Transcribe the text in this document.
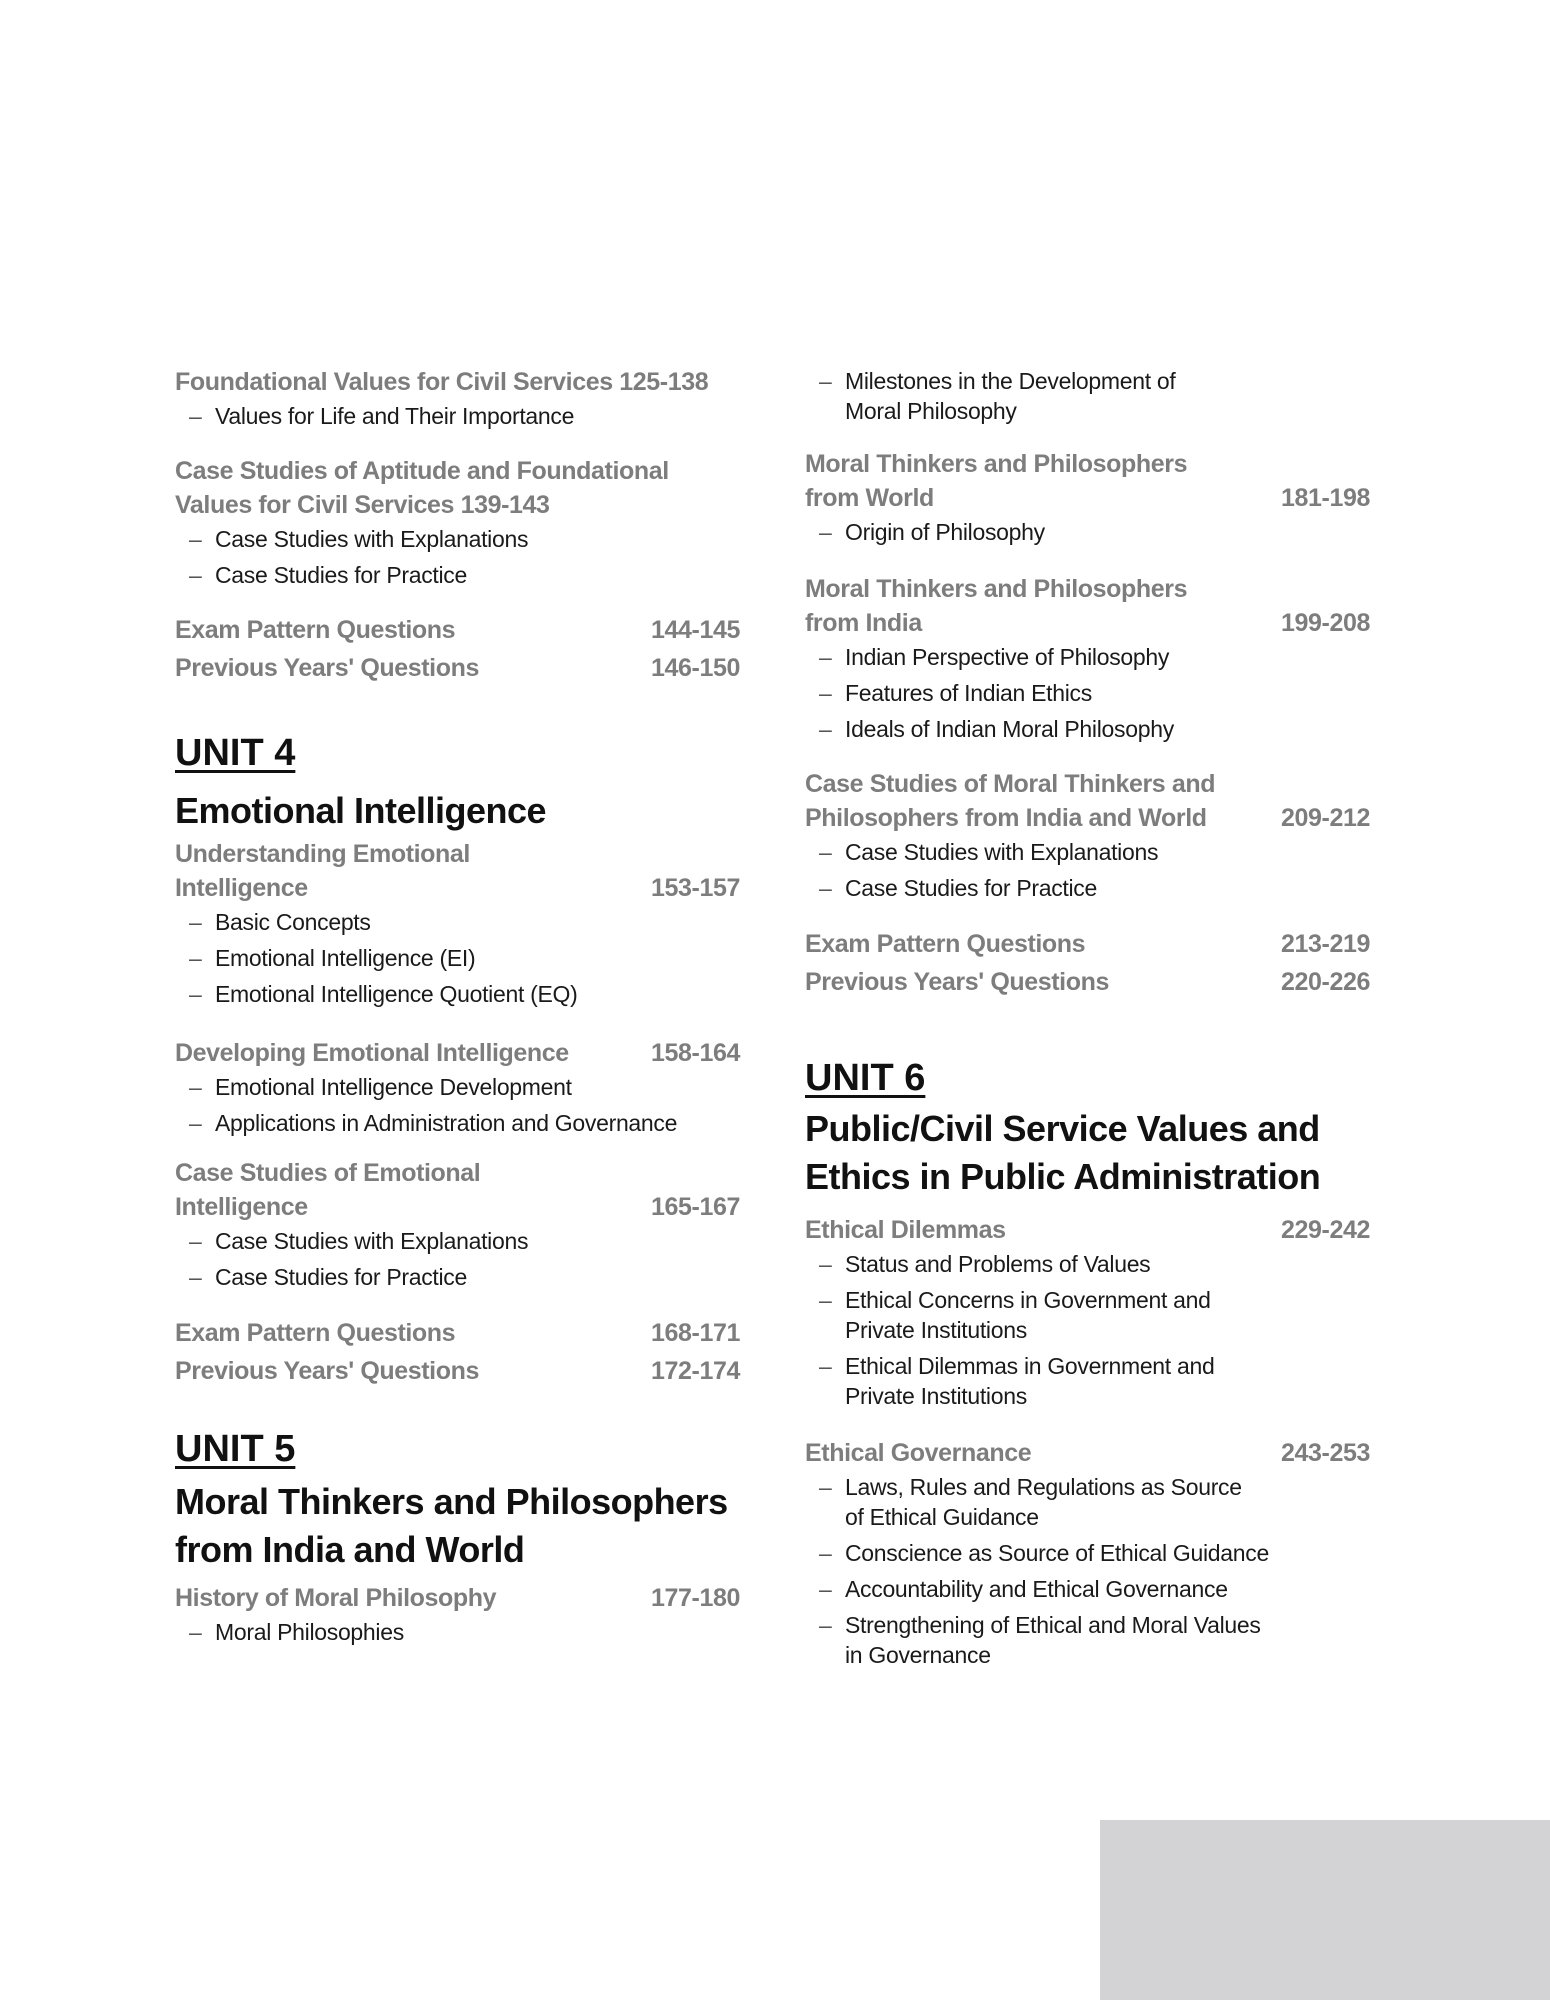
Foundational Values for Civil Services 125-138
– Values for Life and Their Importance
Case Studies of Aptitude and Foundational Values for Civil Services 139-143
– Case Studies with Explanations
– Case Studies for Practice
Exam Pattern Questions	144-145
Previous Years' Questions	146-150
UNIT 4
Emotional Intelligence
Understanding Emotional Intelligence	153-157
– Basic Concepts
– Emotional Intelligence (EI)
– Emotional Intelligence Quotient (EQ)
Developing Emotional Intelligence	158-164
– Emotional Intelligence Development
– Applications in Administration and Governance
Case Studies of Emotional Intelligence	165-167
– Case Studies with Explanations
– Case Studies for Practice
Exam Pattern Questions	168-171
Previous Years' Questions	172-174
UNIT 5
Moral Thinkers and Philosophers from India and World
History of Moral Philosophy	177-180
– Moral Philosophies
– Milestones in the Development of Moral Philosophy
Moral Thinkers and Philosophers from World	181-198
– Origin of Philosophy
Moral Thinkers and Philosophers from India	199-208
– Indian Perspective of Philosophy
– Features of Indian Ethics
– Ideals of Indian Moral Philosophy
Case Studies of Moral Thinkers and Philosophers from India and World	209-212
– Case Studies with Explanations
– Case Studies for Practice
Exam Pattern Questions	213-219
Previous Years' Questions	220-226
UNIT 6
Public/Civil Service Values and Ethics in Public Administration
Ethical Dilemmas	229-242
– Status and Problems of Values
– Ethical Concerns in Government and Private Institutions
– Ethical Dilemmas in Government and Private Institutions
Ethical Governance	243-253
– Laws, Rules and Regulations as Source of Ethical Guidance
– Conscience as Source of Ethical Guidance
– Accountability and Ethical Governance
– Strengthening of Ethical and Moral Values in Governance
